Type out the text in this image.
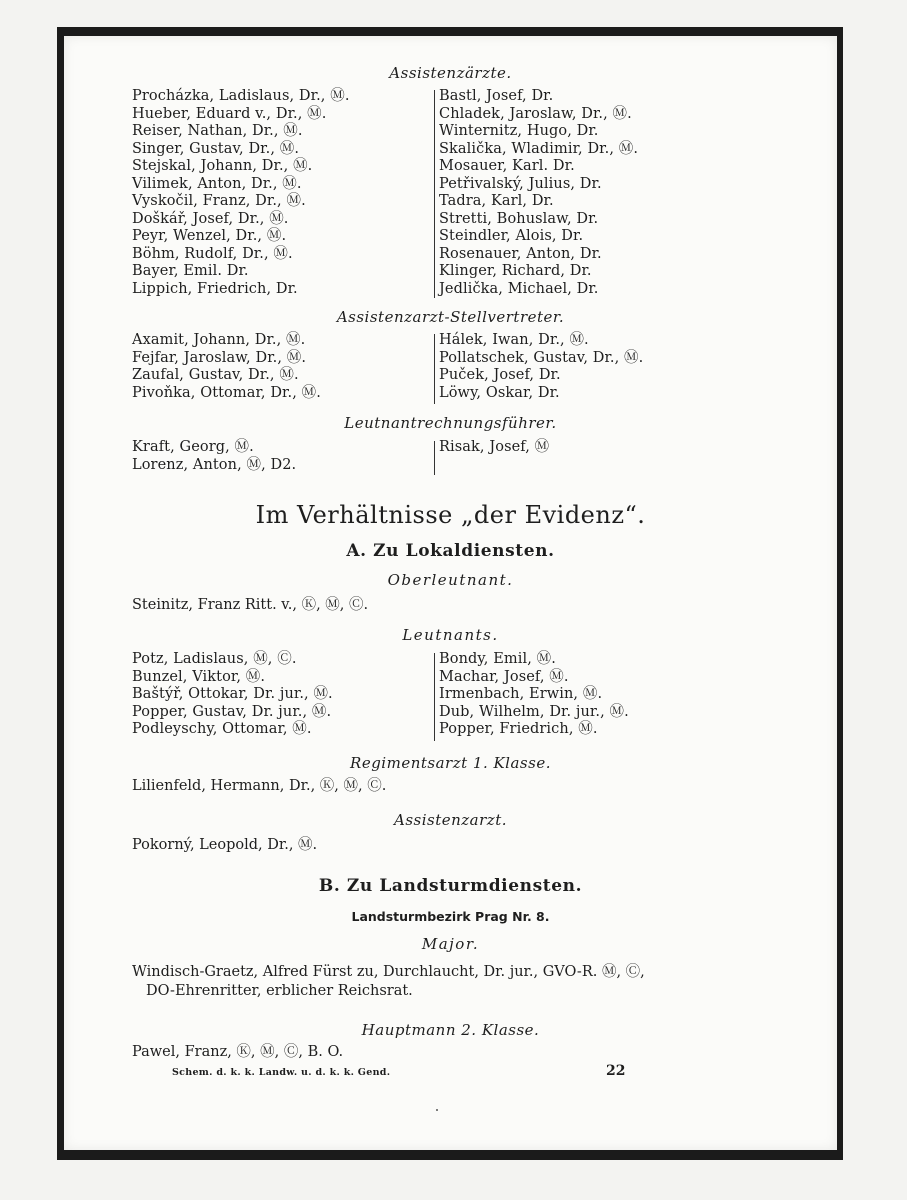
Assistenzärzte.
Procházka, Ladislaus, Dr., Ⓜ.
Hueber, Eduard v., Dr., Ⓜ.
Reiser, Nathan, Dr., Ⓜ.
Singer, Gustav, Dr., Ⓜ.
Stejskal, Johann, Dr., Ⓜ.
Vilimek, Anton, Dr., Ⓜ.
Vyskočil, Franz, Dr., Ⓜ.
Doškář, Josef, Dr., Ⓜ.
Peyr, Wenzel, Dr., Ⓜ.
Böhm, Rudolf, Dr., Ⓜ.
Bayer, Emil. Dr.
Lippich, Friedrich, Dr.
Bastl, Josef, Dr.
Chladek, Jaroslaw, Dr., Ⓜ.
Winternitz, Hugo, Dr.
Skalička, Wladimir, Dr., Ⓜ.
Mosauer, Karl. Dr.
Petřivalský, Julius, Dr.
Tadra, Karl, Dr.
Stretti, Bohuslaw, Dr.
Steindler, Alois, Dr.
Rosenauer, Anton, Dr.
Klinger, Richard, Dr.
Jedlička, Michael, Dr.
Assistenzarzt-Stellvertreter.
Axamit, Johann, Dr., Ⓜ.
Fejfar, Jaroslaw, Dr., Ⓜ.
Zaufal, Gustav, Dr., Ⓜ.
Pivoňka, Ottomar, Dr., Ⓜ.
Hálek, Iwan, Dr., Ⓜ.
Pollatschek, Gustav, Dr., Ⓜ.
Puček, Josef, Dr.
Löwy, Oskar, Dr.
Leutnantrechnungsführer.
Kraft, Georg, Ⓜ.
Lorenz, Anton, Ⓜ, D2.
Risak, Josef, Ⓜ
Im Verhältnisse „der Evidenz“.
A. Zu Lokaldiensten.
Oberleutnant.
Steinitz, Franz Ritt. v., Ⓚ, Ⓜ, Ⓒ.
Leutnants.
Potz, Ladislaus, Ⓜ, Ⓒ.
Bunzel, Viktor, Ⓜ.
Baštýř, Ottokar, Dr. jur., Ⓜ.
Popper, Gustav, Dr. jur., Ⓜ.
Podleyschy, Ottomar, Ⓜ.
Bondy, Emil, Ⓜ.
Machar, Josef, Ⓜ.
Irmenbach, Erwin, Ⓜ.
Dub, Wilhelm, Dr. jur., Ⓜ.
Popper, Friedrich, Ⓜ.
Regimentsarzt 1. Klasse.
Lilienfeld, Hermann, Dr., Ⓚ, Ⓜ, Ⓒ.
Assistenzarzt.
Pokorný, Leopold, Dr., Ⓜ.
B. Zu Landsturmdiensten.
Landsturmbezirk Prag Nr. 8.
Major.
Windisch-Graetz, Alfred Fürst zu, Durchlaucht, Dr. jur., GVO-R. Ⓜ, Ⓒ,
DO-Ehrenritter, erblicher Reichsrat.
Hauptmann 2. Klasse.
Pawel, Franz, Ⓚ, Ⓜ, Ⓒ, B. O.
Schem. d. k. k. Landw. u. d. k. k. Gend.	22
